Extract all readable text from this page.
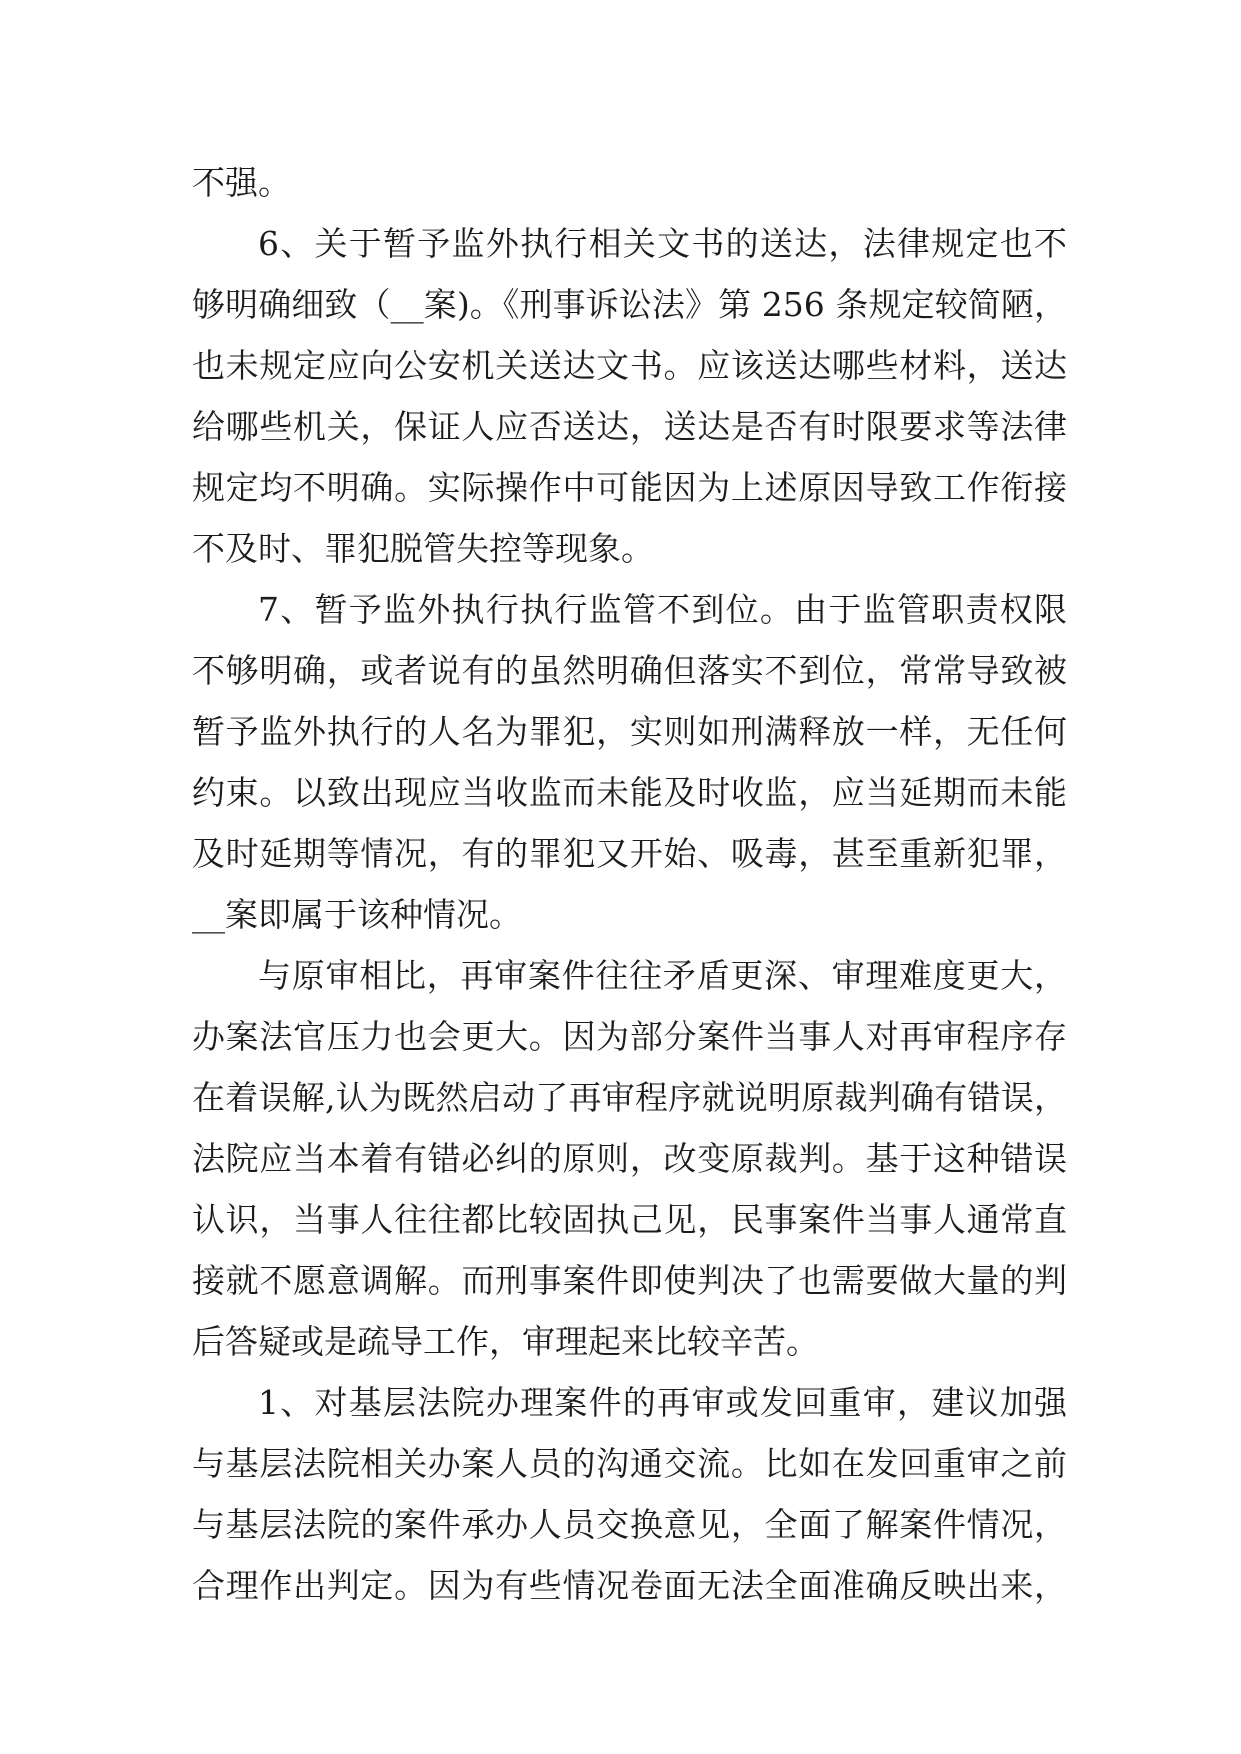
不强。
6、关于暂予监外执行相关文书的送达，法律规定也不
够明确细致（__案)。《刑事诉讼法》第 256 条规定较简陋，
也未规定应向公安机关送达文书。应该送达哪些材料，送达
给哪些机关，保证人应否送达，送达是否有时限要求等法律
规定均不明确。实际操作中可能因为上述原因导致工作衔接
不及时、罪犯脱管失控等现象。
7、暂予监外执行执行监管不到位。由于监管职责权限
不够明确，或者说有的虽然明确但落实不到位，常常导致被
暂予监外执行的人名为罪犯，实则如刑满释放一样，无任何
约束。以致出现应当收监而未能及时收监，应当延期而未能
及时延期等情况，有的罪犯又开始、吸毒，甚至重新犯罪，
__案即属于该种情况。
与原审相比，再审案件往往矛盾更深、审理难度更大，
办案法官压力也会更大。因为部分案件当事人对再审程序存
在着误解,认为既然启动了再审程序就说明原裁判确有错误，
法院应当本着有错必纠的原则，改变原裁判。基于这种错误
认识，当事人往往都比较固执己见，民事案件当事人通常直
接就不愿意调解。而刑事案件即使判决了也需要做大量的判
后答疑或是疏导工作，审理起来比较辛苦。
1、对基层法院办理案件的再审或发回重审，建议加强
与基层法院相关办案人员的沟通交流。比如在发回重审之前
与基层法院的案件承办人员交换意见，全面了解案件情况，
合理作出判定。因为有些情况卷面无法全面准确反映出来，
